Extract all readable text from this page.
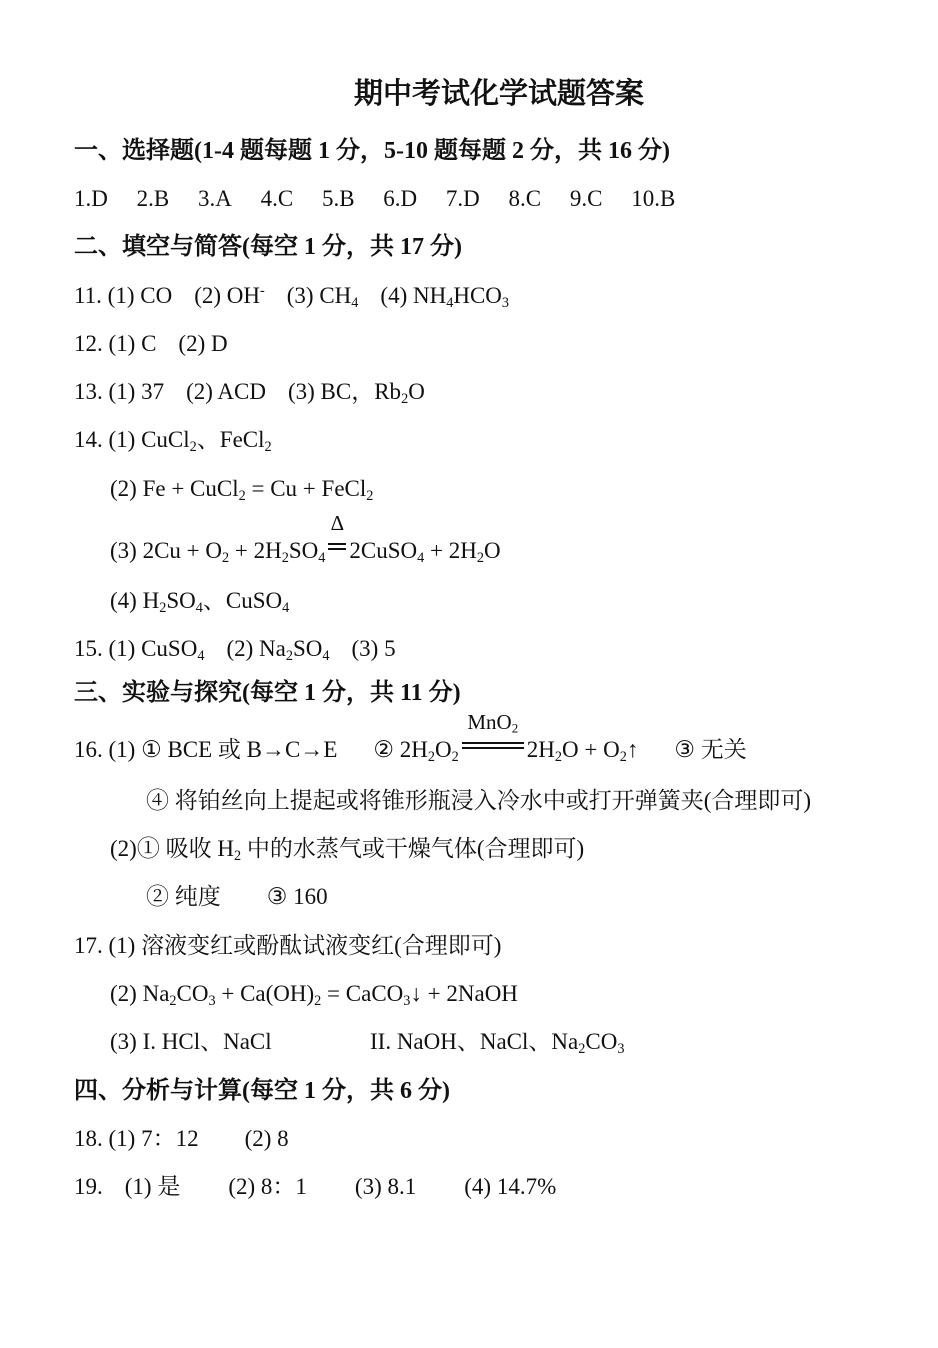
期中考试化学试题答案
一、选择题(1-4 题每题 1 分，5-10 题每题 2 分，共 16 分)
1.D 2.B 3.A 4.C 5.B 6.D 7.D 8.C 9.C 10.B
二、填空与简答(每空 1 分，共 17 分)
11. (1) CO (2) OH- (3) $CH_4$ (4) $NH_4HCO_3$
12. (1) C (2) D
13. (1) 37 (2) ACD (3) BC，$Rb_2O$
14. (1) CuCl$_2$、FeCl$_2$
(2) Fe + CuCl$_2$ = Cu + FeCl$_2$
(3) $2Cu + O_2 + 2H_2SO_4$
Δ
2CuSO$_4$ + $2H_2O$
(4) $H_2SO_4$、CuSO$_4$
15. (1) CuSO$_4$ (2) $Na_2SO_4$ (3) 5
三、实验与探究(每空 1 分，共 11 分)
16. (1) ① BCE 或 B→C→E ② $2H_2O_2$
MnO$_2$
$2H_2O$ + $O_2↑$ ③ 无关
④ 将铂丝向上提起或将锥形瓶浸入冷水中或打开弹簧夹(合理即可)
(2)① 吸收 $H_2$ 中的水蒸气或干燥气体(合理即可)
② 纯度 ③ 160
17. (1) 溶液变红或酚酞试液变红(合理即可)
(2) $Na_2CO_3 + Ca(OH)_2$ = CaCO$_3$↓ + 2NaOH
(3) I. HCl、NaCl	II. NaOH、NaCl、$Na_2CO_3$
四、分析与计算(每空 1 分，共 6 分)
18. (1) 7：12 (2) 8
19. (1) 是 (2) 8：1 (3) 8.1 (4) 14.7%
